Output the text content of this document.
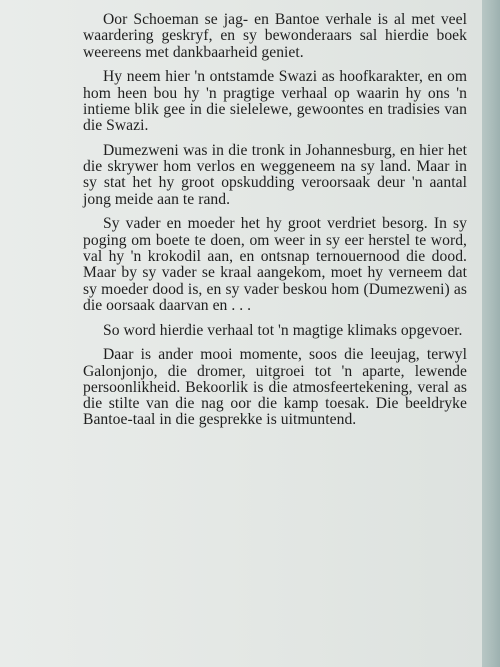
Oor Schoeman se jag- en Bantoe verhale is al met veel waardering geskryf, en sy bewonderaars sal hierdie boek weereens met dankbaarheid geniet.

Hy neem hier 'n ontstamde Swazi as hoofkarakter, en om hom heen bou hy 'n pragtige verhaal op waarin hy ons 'n intieme blik gee in die sielelewe, gewoontes en tradisies van die Swazi.

Dumezweni was in die tronk in Johannesburg, en hier het die skrywer hom verlos en weggeneem na sy land. Maar in sy stat het hy groot opskudding veroorsaak deur 'n aantal jong meide aan te rand.

Sy vader en moeder het hy groot verdriet besorg. In sy poging om boete te doen, om weer in sy eer herstel te word, val hy 'n krokodil aan, en ontsnap ternouernood die dood. Maar by sy vader se kraal aangekom, moet hy verneem dat sy moeder dood is, en sy vader beskou hom (Dumezweni) as die oorsaak daarvan en . . .

So word hierdie verhaal tot 'n magtige klimaks opgevoer.

Daar is ander mooi momente, soos die leeujag, terwyl Galonjonjo, die dromer, uitgroei tot 'n aparte, lewende persoonlikheid. Bekoorlik is die atmosfeertekening, veral as die stilte van die nag oor die kamp toesak. Die beeldryke Bantoe-taal in die gesprekke is uitmuntend.
